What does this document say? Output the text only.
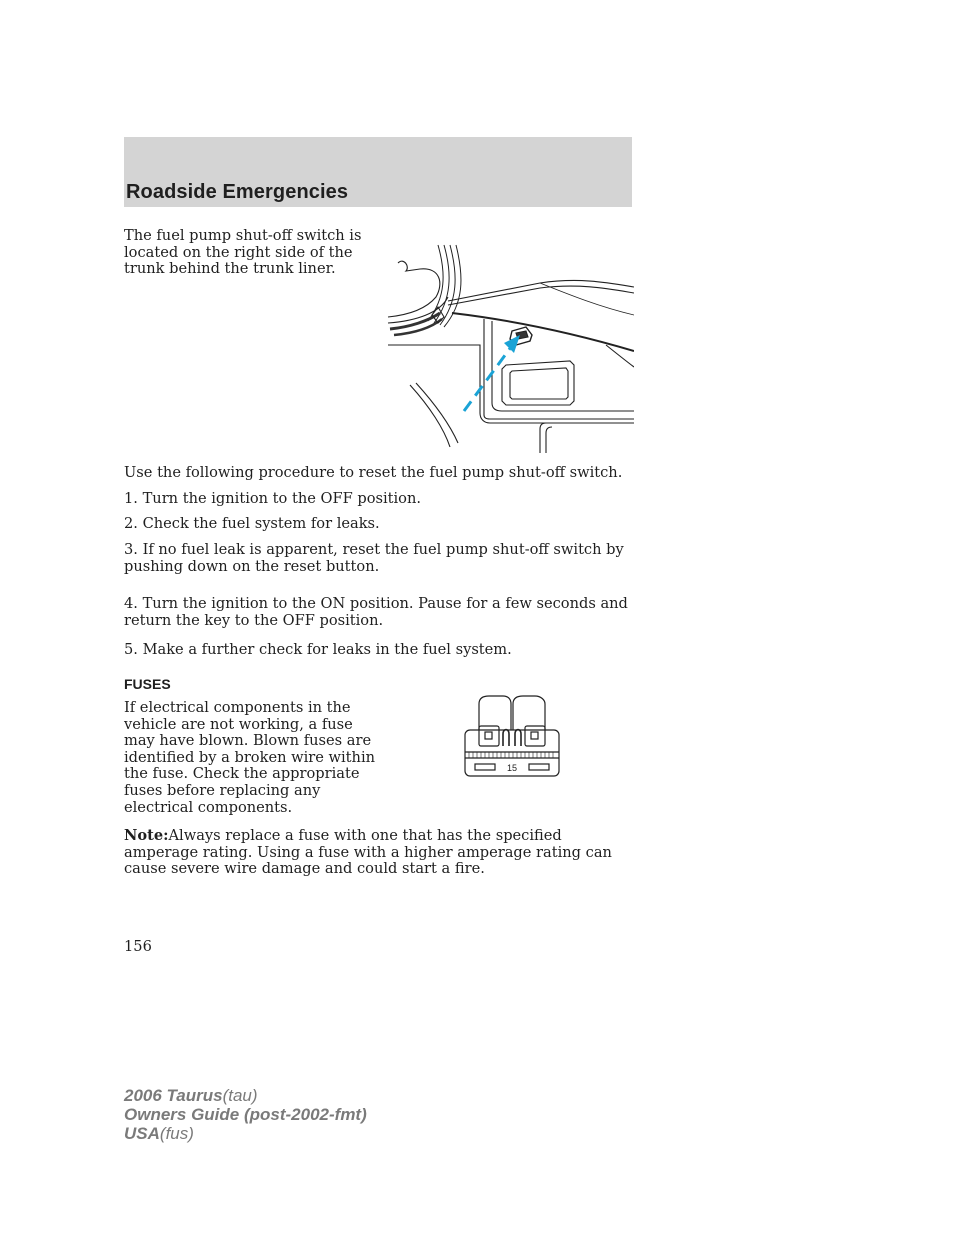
Roadside Emergencies

The fuel pump shut-off switch is located on the right side of the trunk behind the trunk liner.

Use the following procedure to reset the fuel pump shut-off switch.

1. Turn the ignition to the OFF position.

2. Check the fuel system for leaks.

3. If no fuel leak is apparent, reset the fuel pump shut-off switch by pushing down on the reset button.

4. Turn the ignition to the ON position. Pause for a few seconds and return the key to the OFF position.

5. Make a further check for leaks in the fuel system.

FUSES

If electrical components in the vehicle are not working, a fuse may have blown. Blown fuses are identified by a broken wire within the fuse. Check the appropriate fuses before replacing any electrical components.

15

Note:Always replace a fuse with one that has the specified amperage rating. Using a fuse with a higher amperage rating can cause severe wire damage and could start a fire.

156
2006 Taurus(tau)
Owners Guide (post-2002-fmt)
USA(fus)
